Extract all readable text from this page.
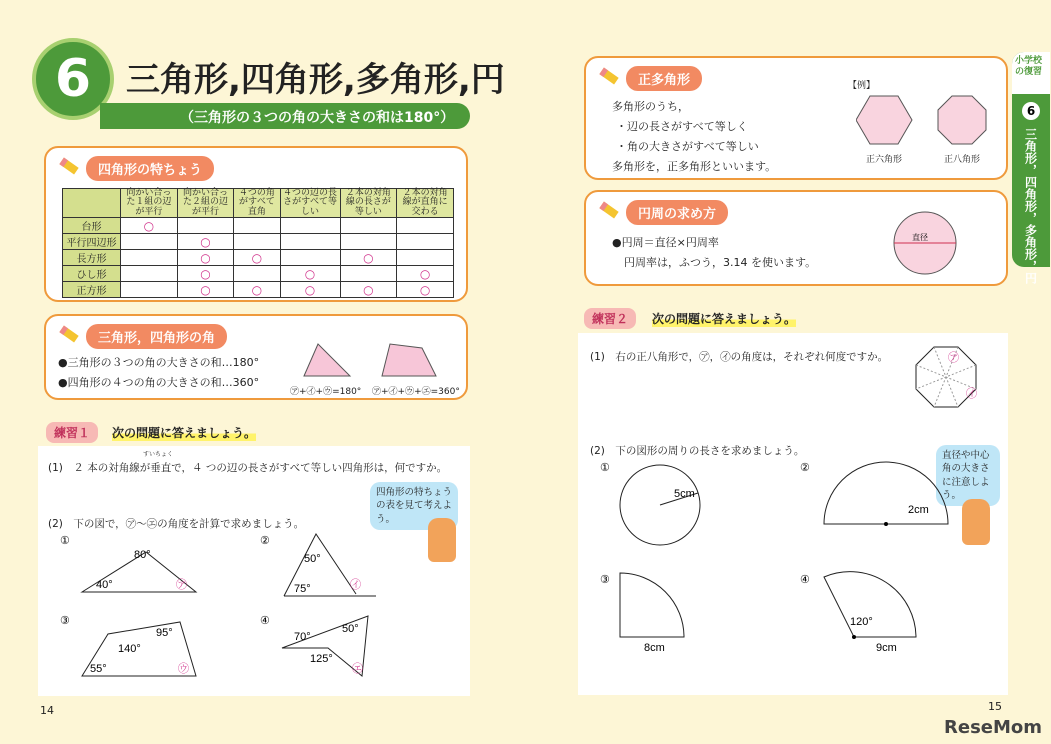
6	三角形,四角形,多角形,円
（三角形の３つの角の大きさの和は180°）
四角形の特ちょう
	向かい合った１組の辺が平行	向かい合った２組の辺が平行	４つの角がすべて直角	４つの辺の長さがすべて等しい	２本の対角線の長さが等しい	２本の対角線が直角に交わる
台形	○					
平行四辺形		○				
長方形		○	○		○	
ひし形		○		○		○
正方形		○	○	○	○	○
三角形，四角形の角
●三角形の３つの角の大きさの和…180°
●四角形の４つの角の大きさの和…360°
㋐+㋑+㋒=180° ㋐+㋑+㋒+㋓=360°
練習１	次の問題に答えましょう。
すいちょく
(1)　２ 本の対角線が垂直で，４ つの辺の長さがすべて等しい四角形は，何ですか。
四角形の特ちょうの表を見て考えよう。
(2)　下の図で，㋐～㋓の角度を計算で求めましょう。
①
80°
40°	㋐
②
50°
75°	㋑
③
140°
95°
55°	㋒
④
70°
50°
125°
㋓
14
正多角形
多角形のうち，
・辺の長さがすべて等しく
・角の大きさがすべて等しい
多角形を，正多角形といいます。
【例】
正六角形	正八角形
円周の求め方
●円周＝直径×円周率
円周率は，ふつう，3.14 を使います。
直径
練習２	次の問題に答えましょう。
(1)　右の正八角形で，㋐，㋑の角度は，それぞれ何度ですか。
(2)　下の図形の周りの長さを求めましょう。	直径や中心角の大きさに注意しよう。
㋐
㋑
①
5cm
②
2cm
③
8cm
④
120°
9cm
15
ReseMom
小学校の復習
6
三角形，四角形，多角形，円
